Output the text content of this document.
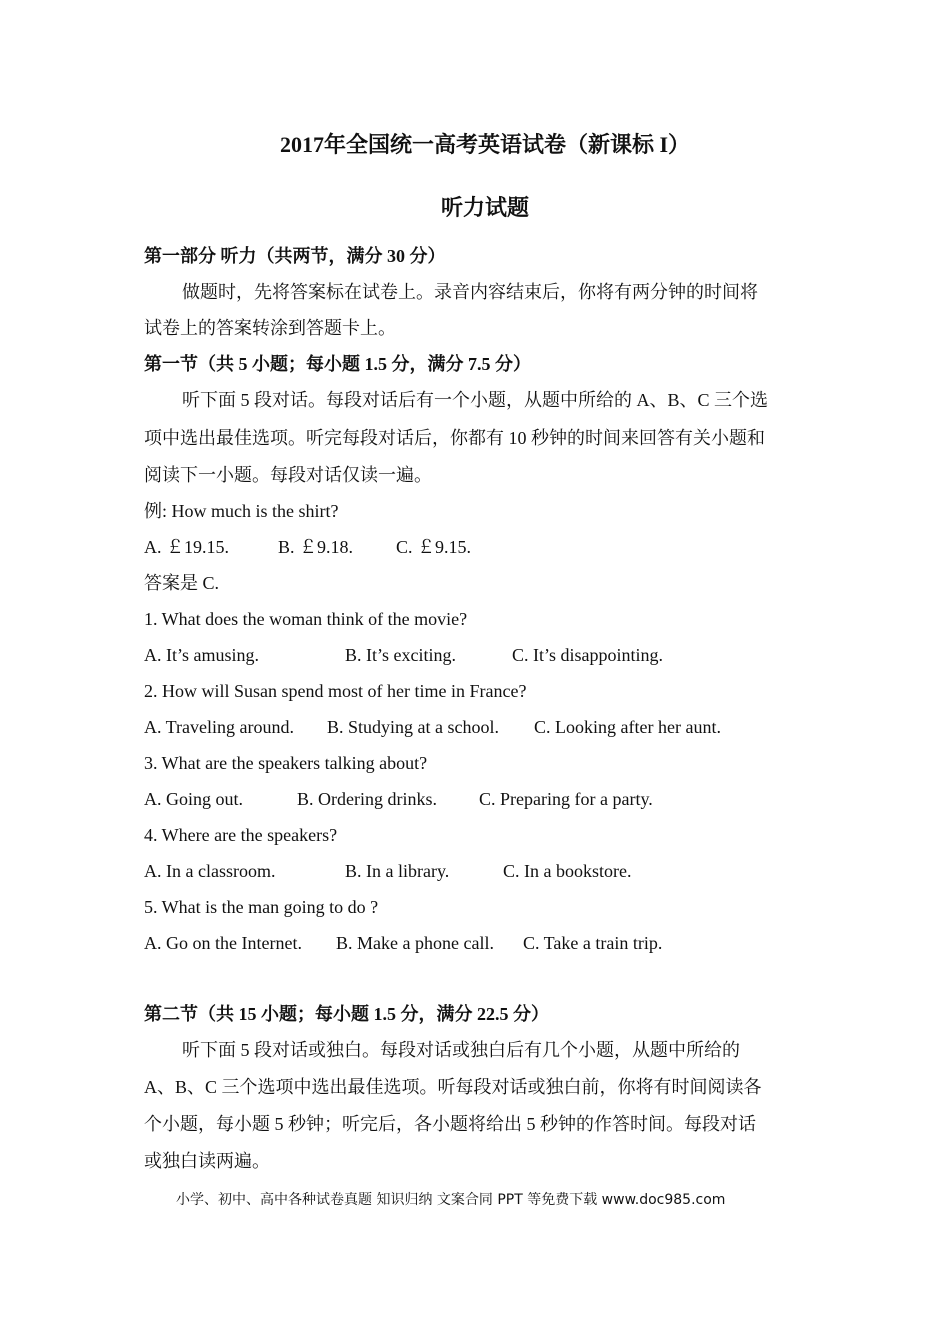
2017年全国统一高考英语试卷（新课标 I）
听力试题
第一部分 听力（共两节，满分 30 分）
做题时，先将答案标在试卷上。录音内容结束后，你将有两分钟的时间将
试卷上的答案转涂到答题卡上。
第一节（共 5 小题；每小题 1.5 分，满分 7.5 分）
听下面 5 段对话。每段对话后有一个小题，从题中所给的 A、B、C 三个选
项中选出最佳选项。听完每段对话后，你都有 10 秒钟的时间来回答有关小题和
阅读下一小题。每段对话仅读一遍。
例: How much is the shirt?
A. ￡19.15.	B. ￡9.18. C. ￡9.15.
答案是 C.
1. What does the woman think of the movie?
A. It’s amusing.	B. It’s exciting.	C. It’s disappointing.
2. How will Susan spend most of her time in France?
A. Traveling around. B. Studying at a school. C. Looking after her aunt.
3. What are the speakers talking about?
A. Going out.	B. Ordering drinks. C. Preparing for a party.
4. Where are the speakers?
A. In a classroom.	B. In a library.	C. In a bookstore.
5. What is the man going to do ?
A. Go on the Internet. B. Make a phone call. C. Take a train trip.
第二节（共 15 小题；每小题 1.5 分，满分 22.5 分）
听下面 5 段对话或独白。每段对话或独白后有几个小题，从题中所给的
A、B、C 三个选项中选出最佳选项。听每段对话或独白前，你将有时间阅读各
个小题，每小题 5 秒钟；听完后，各小题将给出 5 秒钟的作答时间。每段对话
或独白读两遍。
小学、初中、高中各种试卷真题 知识归纳 文案合同 PPT 等免费下载 www.doc985.com
